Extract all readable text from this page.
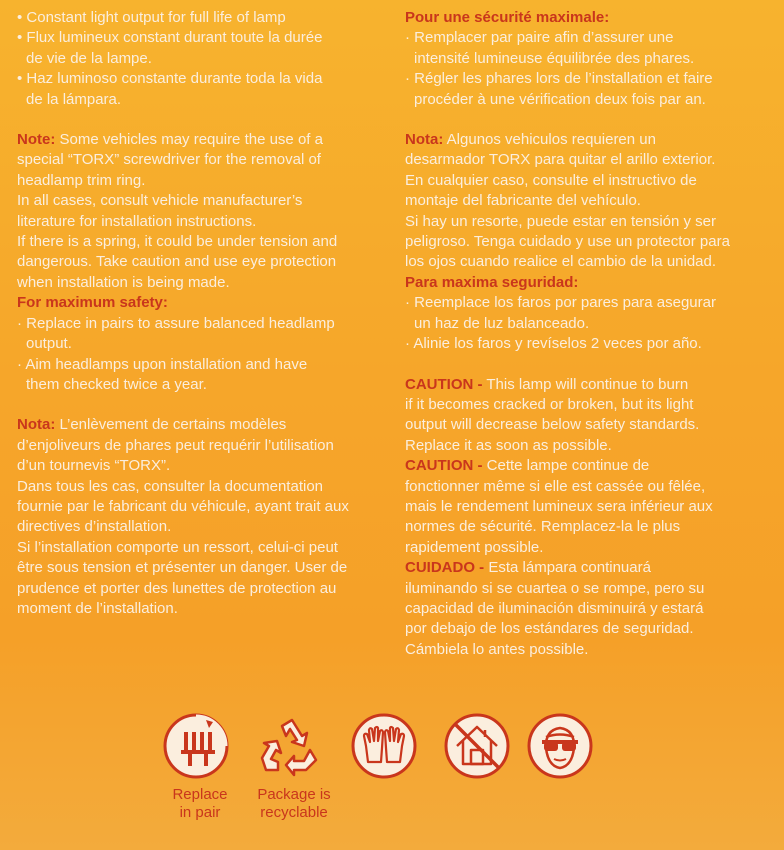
• Constant light output for full life of lamp

• Flux lumineux constant durant toute la durée

de vie de la lampe.

• Haz luminoso constante durante toda la vida

de la lámpara.

Note: Some vehicles may require the use of a

special “TORX” screwdriver for the removal of

headlamp trim ring.

In all cases, consult vehicle manufacturer’s

literature for installation instructions.

If there is a spring, it could be under tension and

dangerous. Take caution and use eye protection

when installation is being made.

For maximum safety:

· Replace in pairs to assure balanced headlamp

output.

· Aim headlamps upon installation and have

them checked twice a year.

Nota: L’enlèvement de certains modèles

d’enjoliveurs de phares peut requérir l’utilisation

d’un tournevis “TORX”.

Dans tous les cas, consulter la documentation

fournie par le fabricant du véhicule, ayant trait aux

directives d’installation.

Si l’installation comporte un ressort, celui-ci peut

être sous tension et présenter un danger. User de

prudence et porter des lunettes de protection au

moment de l’installation.

Pour une sécurité maximale:

· Remplacer par paire afin d’assurer une

intensité lumineuse équilibrée des phares.

· Régler les phares lors de l’installation et faire

procéder à une vérification deux fois par an.

Nota: Algunos vehiculos requieren un

desarmador TORX para quitar el arillo exterior.

En cualquier caso, consulte el instructivo de

montaje del fabricante del vehículo.

Si hay un resorte, puede estar en tensión y ser

peligroso. Tenga cuidado y use un protector para

los ojos cuando realice el cambio de la unidad.

Para maxima seguridad:

· Reemplace los faros por pares para asegurar

un haz de luz balanceado.

· Alinie los faros y revíselos 2 veces por año.

CAUTION - This lamp will continue to burn

if it becomes cracked or broken, but its light

output will decrease below safety standards.

Replace it as soon as possible.

CAUTION - Cette lampe continue de

fonctionner même si elle est cassée ou fêlée,

mais le rendement lumineux sera inférieur aux

normes de sécurité. Remplacez-la le plus

rapidement possible.

CUIDADO - Esta lámpara continuará

iluminando si se cuartea o se rompe, pero su

capacidad de iluminación disminuirá y estará

por debajo de los estándares de seguridad.

Cámbiela lo antes possible.

Replace
in pair
Package is
recyclable
